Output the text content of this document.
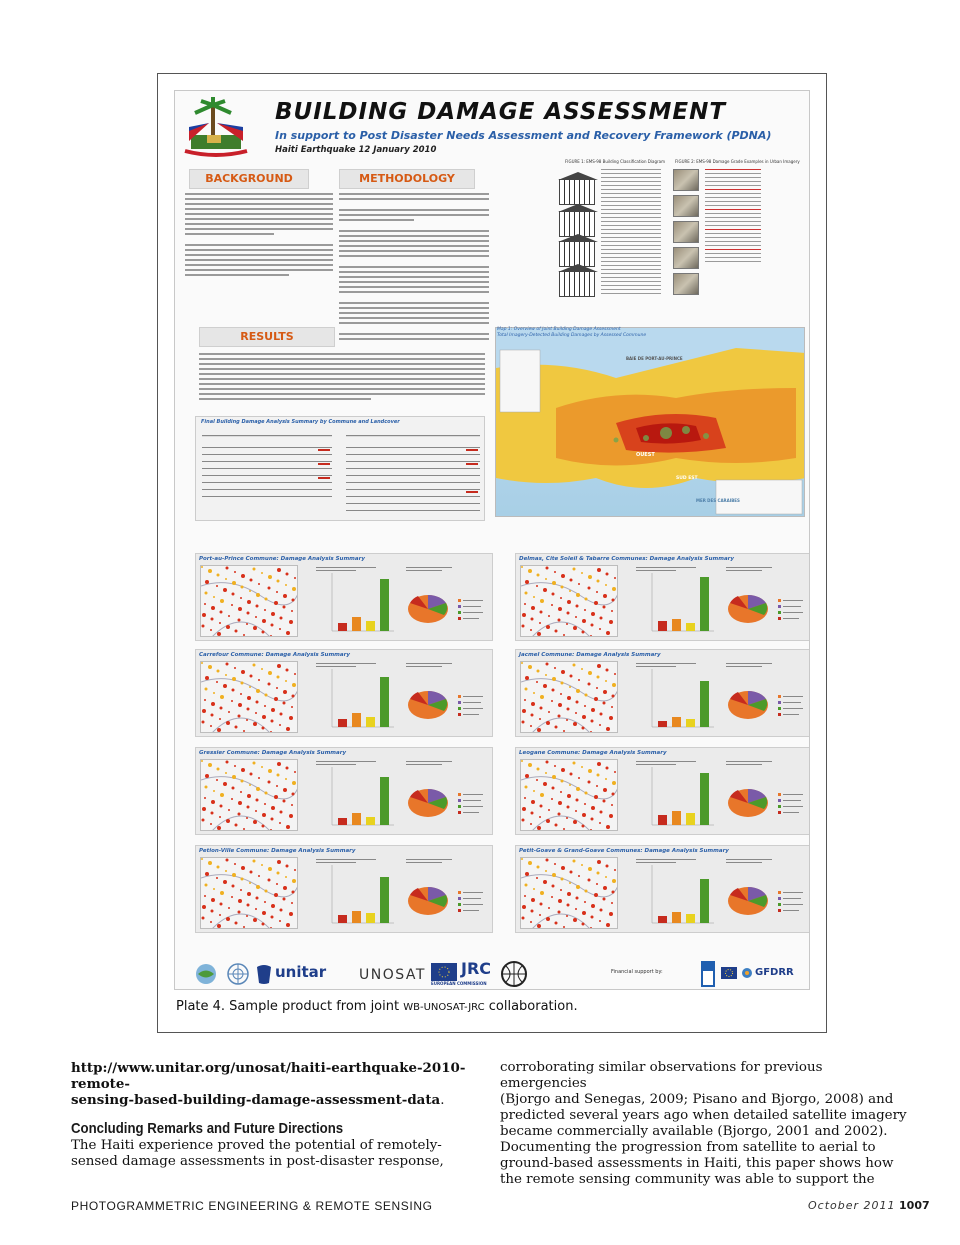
BUILDING DAMAGE ASSESSMENT
In support to Post Disaster Needs Assessment and Recovery Framework (PDNA)
Haiti Earthquake 12 January 2010
BACKGROUND	METHODOLOGY
FIGURE 1: EMS-98 Building Classification Diagram	FIGURE 2: EMS-98 Damage Grade Examples in Urban Imagery
RESULTS
BAIE DE PORT-AU-PRINCE
OUEST
SUD EST
MER DES CARAIBES
Map 1: Overview of Joint Building Damage Assessment
Total Imagery-Detected Building Damages by Assessed Commune
Final Building Damage Analysis Summary by Commune and Landcover
Port-au-Prince Commune: Damage Analysis Summary	Delmas, Cite Soleil & Tabarre Communes: Damage Analysis Summary
Carrefour Commune: Damage Analysis Summary	Jacmel Commune: Damage Analysis Summary
Gressier Commune: Damage Analysis Summary	Leogane Commune: Damage Analysis Summary
Petion-Ville Commune: Damage Analysis Summary	Petit-Goave & Grand-Goave Communes: Damage Analysis Summary
unitar UNOSAT JRC
EUROPEAN COMMISSION
Financial support by:	GFDRR
Plate 4. Sample product from joint WB-UNOSAT-JRC collaboration.
http://www.unitar.org/unosat/haiti-earthquake-2010-remote-
sensing-based-building-damage-assessment-data.
Concluding Remarks and Future Directions
The Haiti experience proved the potential of remotely-
sensed damage assessments in post-disaster response,
corroborating similar observations for previous emergencies
(Bjorgo and Senegas, 2009; Pisano and Bjorgo, 2008) and
predicted several years ago when detailed satellite imagery
became commercially available (Bjorgo, 2001 and 2002).
Documenting the progression from satellite to aerial to
ground-based assessments in Haiti, this paper shows how
the remote sensing community was able to support the
PHOTOGRAMMETRIC ENGINEERING & REMOTE SENSING	October 2011 1007
